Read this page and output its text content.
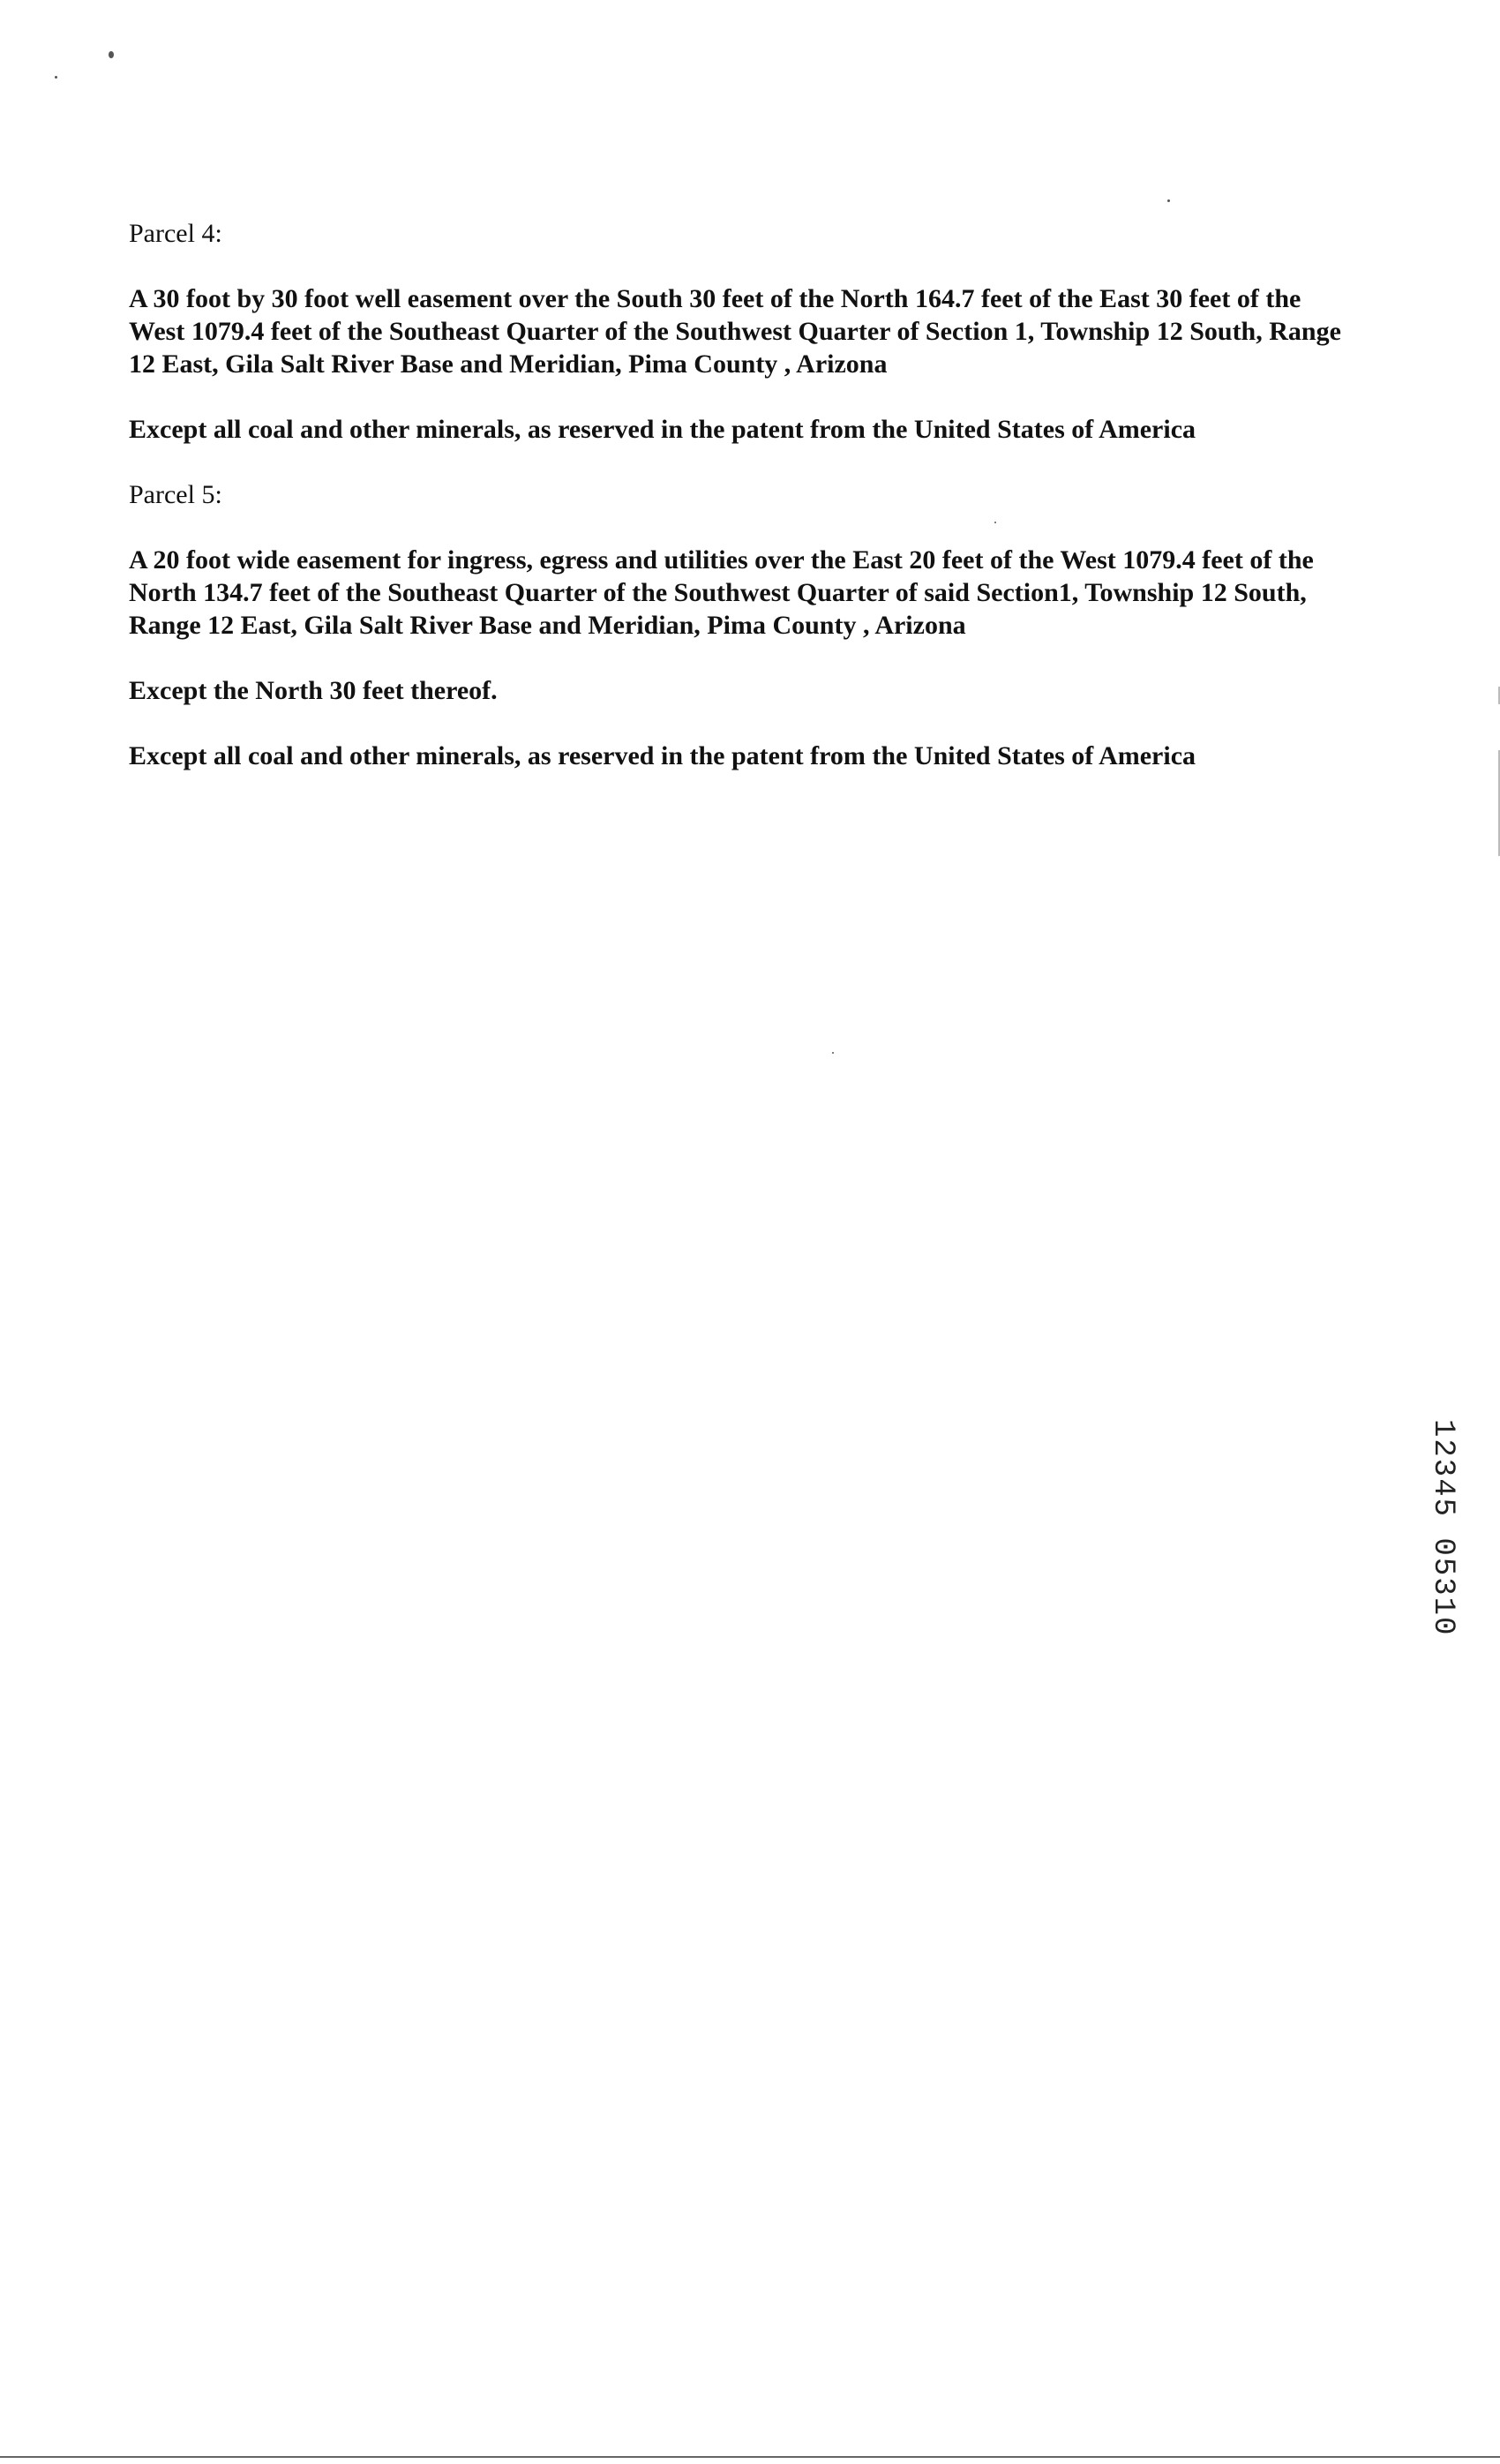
Parcel 4:

A 30 foot by 30 foot well easement over the South 30 feet of the North 164.7 feet of the East 30 feet of the
West 1079.4 feet of the Southeast Quarter of the Southwest Quarter of Section 1, Township 12 South, Range
12 East, Gila Salt River Base and Meridian, Pima County , Arizona

Except all coal and other minerals, as reserved in the patent from the United States of America

Parcel 5:

A 20 foot wide easement for ingress, egress and utilities over the East 20 feet of the West 1079.4 feet of the
North 134.7 feet of the Southeast Quarter of the Southwest Quarter of said Section1, Township 12 South,
Range 12 East, Gila Salt River Base and Meridian, Pima County , Arizona

Except the North 30 feet thereof.

Except all coal and other minerals, as reserved in the patent from the United States of America

12345 05310
